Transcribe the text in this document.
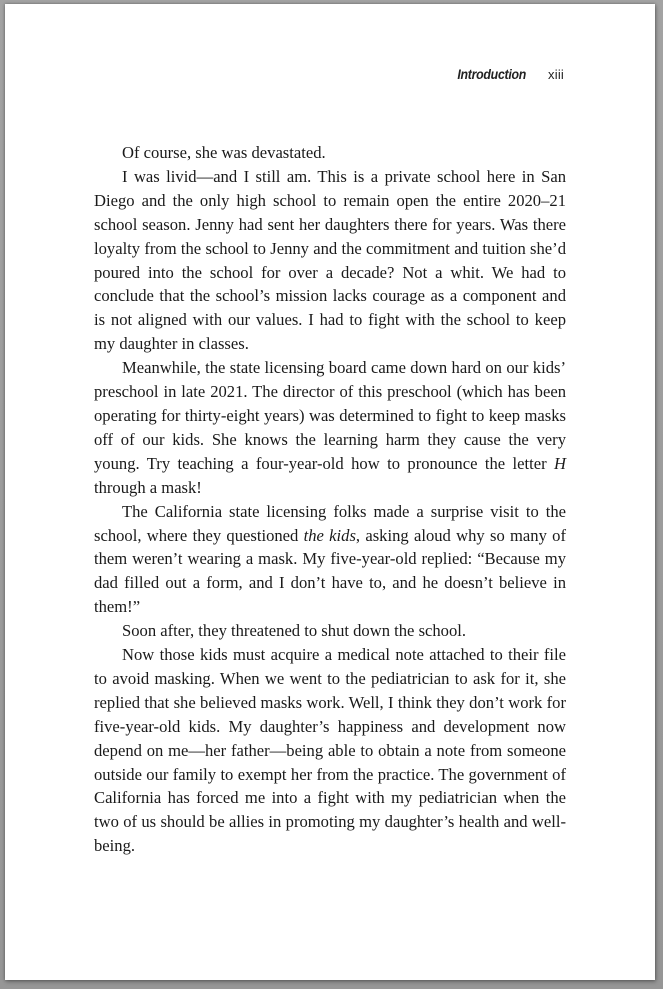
Introduction xiii

Of course, she was devastated.

I was livid—and I still am. This is a private school here in San Diego and the only high school to remain open the entire 2020–21 school season. Jenny had sent her daughters there for years. Was there loyalty from the school to Jenny and the commitment and tuition she’d poured into the school for over a decade? Not a whit. We had to conclude that the school’s mission lacks courage as a component and is not aligned with our values. I had to fight with the school to keep my daughter in classes.

Meanwhile, the state licensing board came down hard on our kids’ preschool in late 2021. The director of this preschool (which has been operating for thirty-eight years) was determined to fight to keep masks off of our kids. She knows the learning harm they cause the very young. Try teaching a four-year-old how to pronounce the letter H through a mask!

The California state licensing folks made a surprise visit to the school, where they questioned the kids, asking aloud why so many of them weren’t wearing a mask. My five-year-old replied: “Because my dad filled out a form, and I don’t have to, and he doesn’t believe in them!”

Soon after, they threatened to shut down the school.

Now those kids must acquire a medical note attached to their file to avoid masking. When we went to the pediatrician to ask for it, she replied that she believed masks work. Well, I think they don’t work for five-year-old kids. My daughter’s happiness and development now depend on me—her father—being able to obtain a note from someone outside our family to exempt her from the practice. The government of California has forced me into a fight with my pediatrician when the two of us should be allies in promoting my daughter’s health and well-being.
